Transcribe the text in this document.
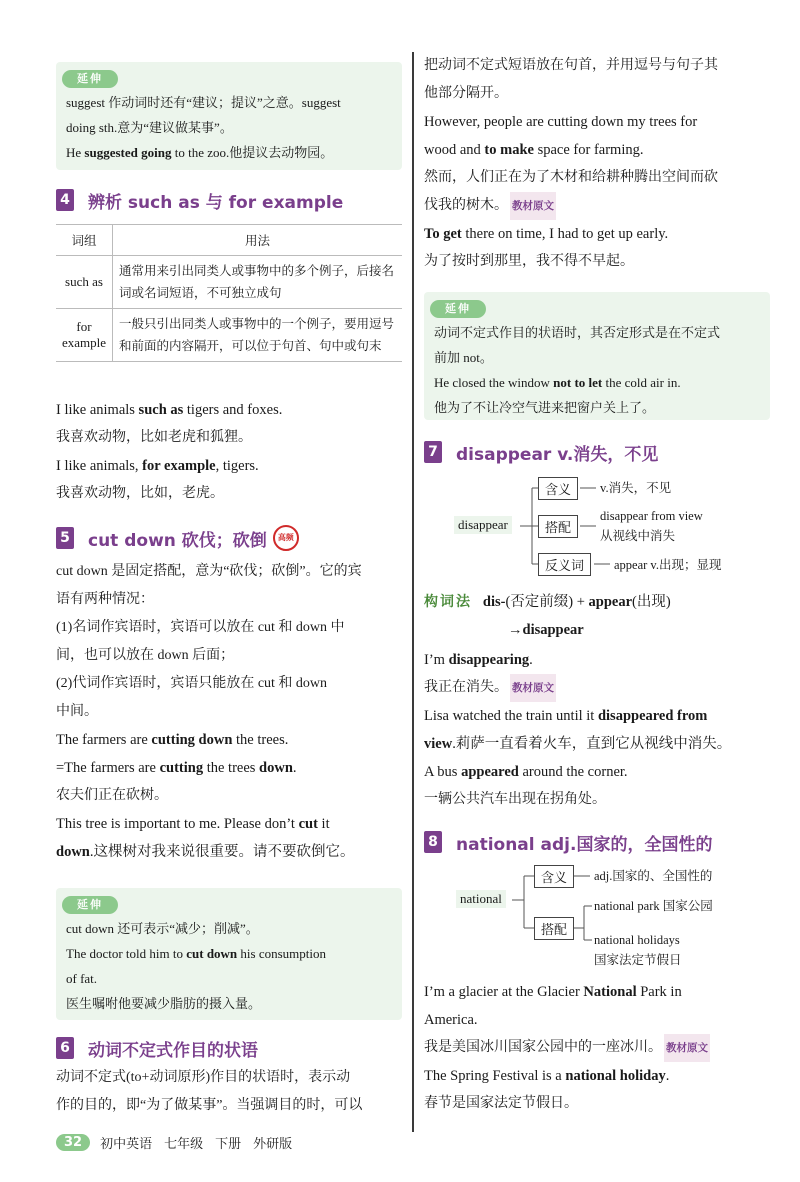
延伸

suggest 作动词时还有“建议；提议”之意。suggest

doing sth.意为“建议做某事”。

He suggested going to the zoo.他提议去动物园。

4 辨析 such as 与 for example
词组	用法
such as	通常用来引出同类人或事物中的多个例子，后接名词或名词短语，不可独立成句
for example	一般只引出同类人或事物中的一个例子，要用逗号和前面的内容隔开，可以位于句首、句中或句末

I like animals such as tigers and foxes.

我喜欢动物，比如老虎和狐狸。

I like animals, for example, tigers.

我喜欢动物，比如，老虎。

5 cut down 砍伐；砍倒	高频

cut down 是固定搭配，意为“砍伐；砍倒”。它的宾

语有两种情况：

(1)名词作宾语时，宾语可以放在 cut 和 down 中

间，也可以放在 down 后面；

(2)代词作宾语时，宾语只能放在 cut 和 down

中间。

The farmers are cutting down the trees.

=The farmers are cutting the trees down.

农夫们正在砍树。

This tree is important to me. Please don’t cut it

down.这棵树对我来说很重要。请不要砍倒它。

延伸

cut down 还可表示“减少；削减”。

The doctor told him to cut down his consumption

of fat.

医生嘱咐他要减少脂肪的摄入量。

6 动词不定式作目的状语

动词不定式(to+动词原形)作目的状语时，表示动

作的目的，即“为了做某事”。当强调目的时，可以

把动词不定式短语放在句首，并用逗号与句子其

他部分隔开。

However, people are cutting down my trees for

wood and to make space for farming.

然而，人们正在为了木材和给耕种腾出空间而砍

伐我的树木。 教材原文

To get there on time, I had to get up early.

为了按时到那里，我不得不早起。

延伸

动词不定式作目的状语时，其否定形式是在不定式

前加 not。

He closed the window not to let the cold air in.

他为了不让冷空气进来把窗户关上了。

7 disappear v.消失，不见
disappear
含义
搭配
反义词
v.消失，不见
disappear from view
从视线中消失
appear v.出现；显现

构词法 dis-(否定前缀) + appear(出现)

→disappear

I’m disappearing.

我正在消失。 教材原文

Lisa watched the train until it disappeared from

view.莉萨一直看着火车，直到它从视线中消失。

A bus appeared around the corner.

一辆公共汽车出现在拐角处。

8 national adj.国家的，全国性的
national
含义
搭配
adj.国家的、全国性的
national park 国家公园
national holidays
国家法定节假日

I’m a glacier at the Glacier National Park in

America.

我是美国冰川国家公园中的一座冰川。 教材原文

The Spring Festival is a national holiday.

春节是国家法定节假日。

32	初中英语 七年级 下册 外研版
